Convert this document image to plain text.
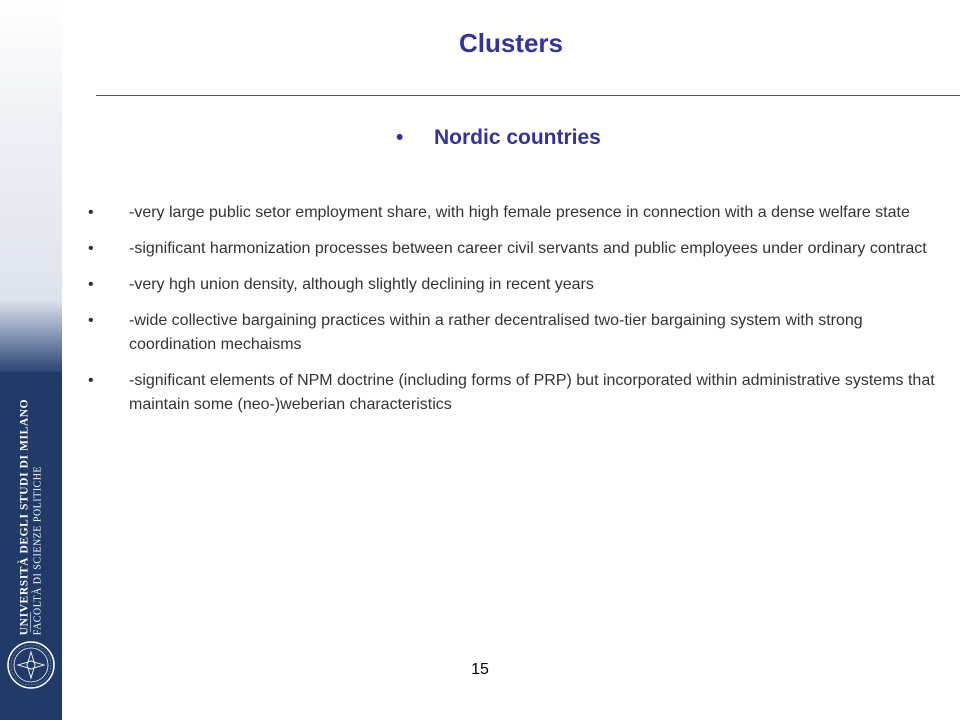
UNIVERSITÀ DEGLI STUDI DI MILANO FACOLTÀ DI SCIENZE POLITICHE
Clusters
• Nordic countries
• -very large public setor employment share, with high female presence in connection with a dense welfare state
• -significant harmonization processes between career civil servants and public employees under ordinary contract
• -very hgh union density, although slightly declining in recent years
• -wide collective bargaining practices within a rather decentralised two-tier bargaining system with strong coordination mechaisms
• -significant elements of NPM doctrine (including forms of PRP) but incorporated within administrative systems that maintain some (neo-)weberian characteristics
15
